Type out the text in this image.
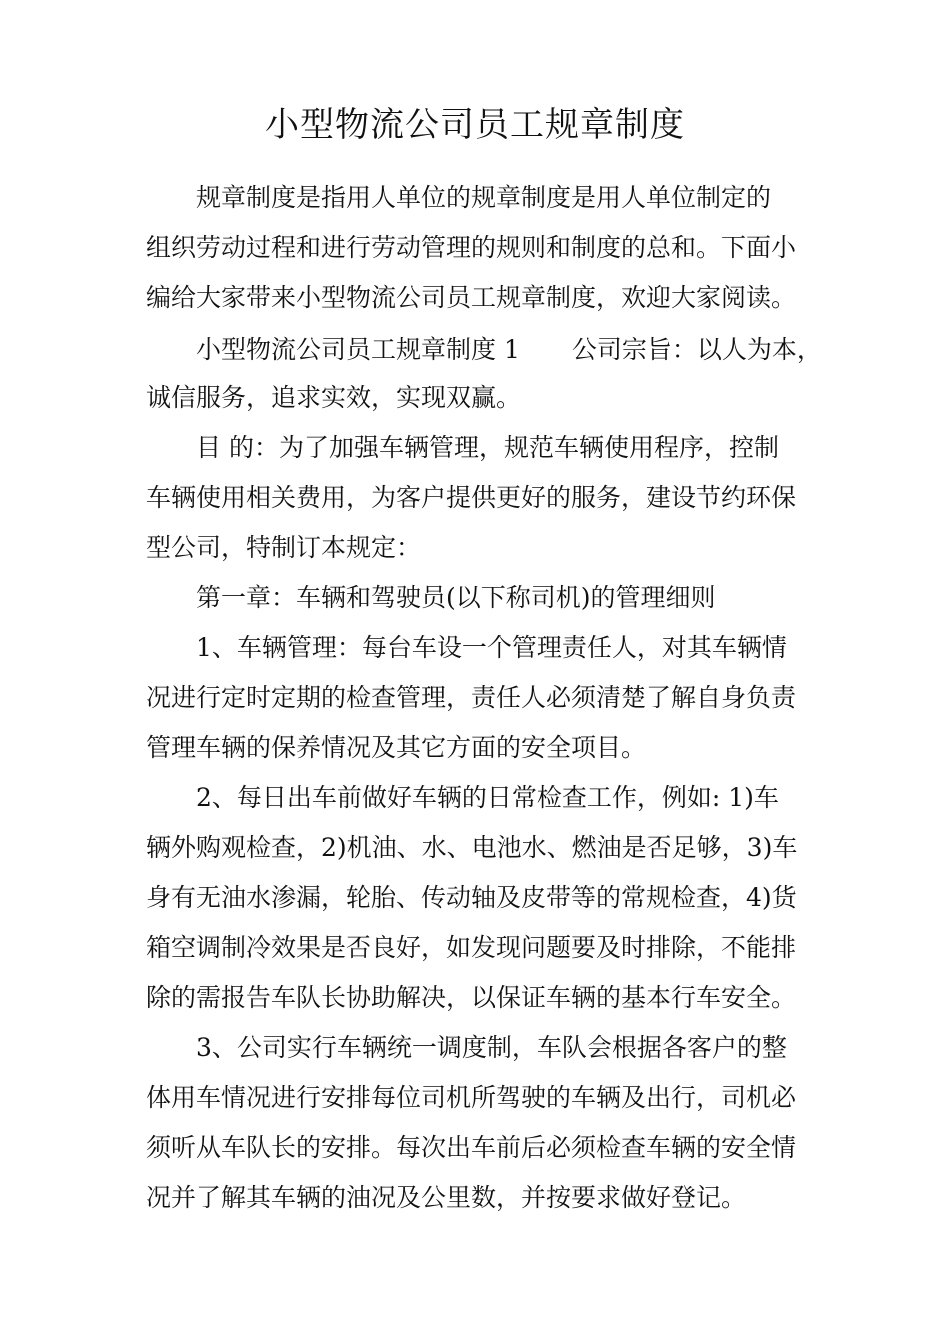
小型物流公司员工规章制度

规章制度是指用人单位的规章制度是用人单位制定的

组织劳动过程和进行劳动管理的规则和制度的总和。下面小

编给大家带来小型物流公司员工规章制度，欢迎大家阅读。

小型物流公司员工规章制度 1 公司宗旨：以人为本，

诚信服务，追求实效，实现双赢。

目 的：为了加强车辆管理，规范车辆使用程序，控制

车辆使用相关费用，为客户提供更好的服务，建设节约环保

型公司，特制订本规定：

第一章：车辆和驾驶员(以下称司机)的管理细则

1、车辆管理：每台车设一个管理责任人，对其车辆情

况进行定时定期的检查管理，责任人必须清楚了解自身负责

管理车辆的保养情况及其它方面的安全项目。

2、每日出车前做好车辆的日常检查工作，例如: 1)车

辆外购观检查，2)机油、水、电池水、燃油是否足够，3)车

身有无油水渗漏，轮胎、传动轴及皮带等的常规检查，4)货

箱空调制冷效果是否良好，如发现问题要及时排除，不能排

除的需报告车队长协助解决，以保证车辆的基本行车安全。

3、公司实行车辆统一调度制，车队会根据各客户的整

体用车情况进行安排每位司机所驾驶的车辆及出行，司机必

须听从车队长的安排。每次出车前后必须检查车辆的安全情

况并了解其车辆的油况及公里数，并按要求做好登记。
